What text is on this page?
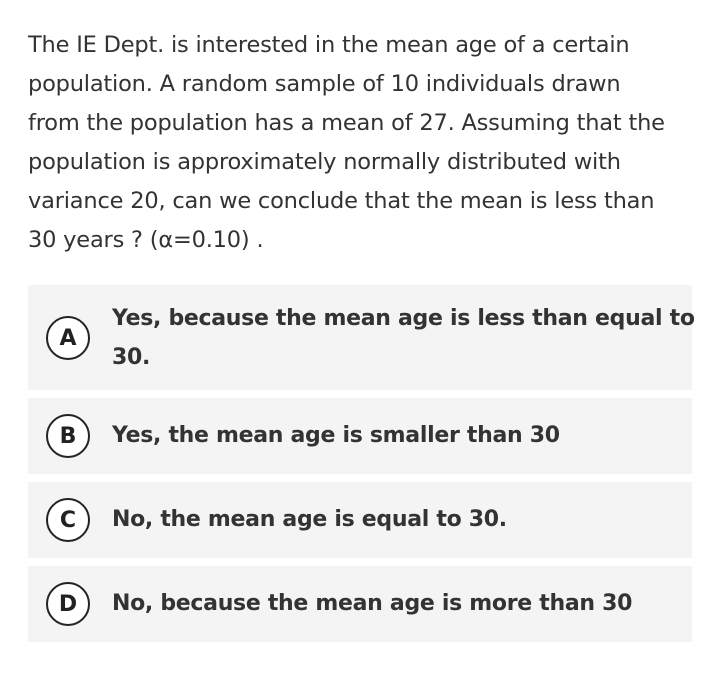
The IE Dept. is interested in the mean age of a certain
population. A random sample of 10 individuals drawn
from the population has a mean of 27. Assuming that the
population is approximately normally distributed with
variance 20, can we conclude that the mean is less than
30 years ? (α=0.10) .
A
Yes, because the mean age is less than equal to
30.
B	Yes, the mean age is smaller than 30
C	No, the mean age is equal to 30.
D	No, because the mean age is more than 30
